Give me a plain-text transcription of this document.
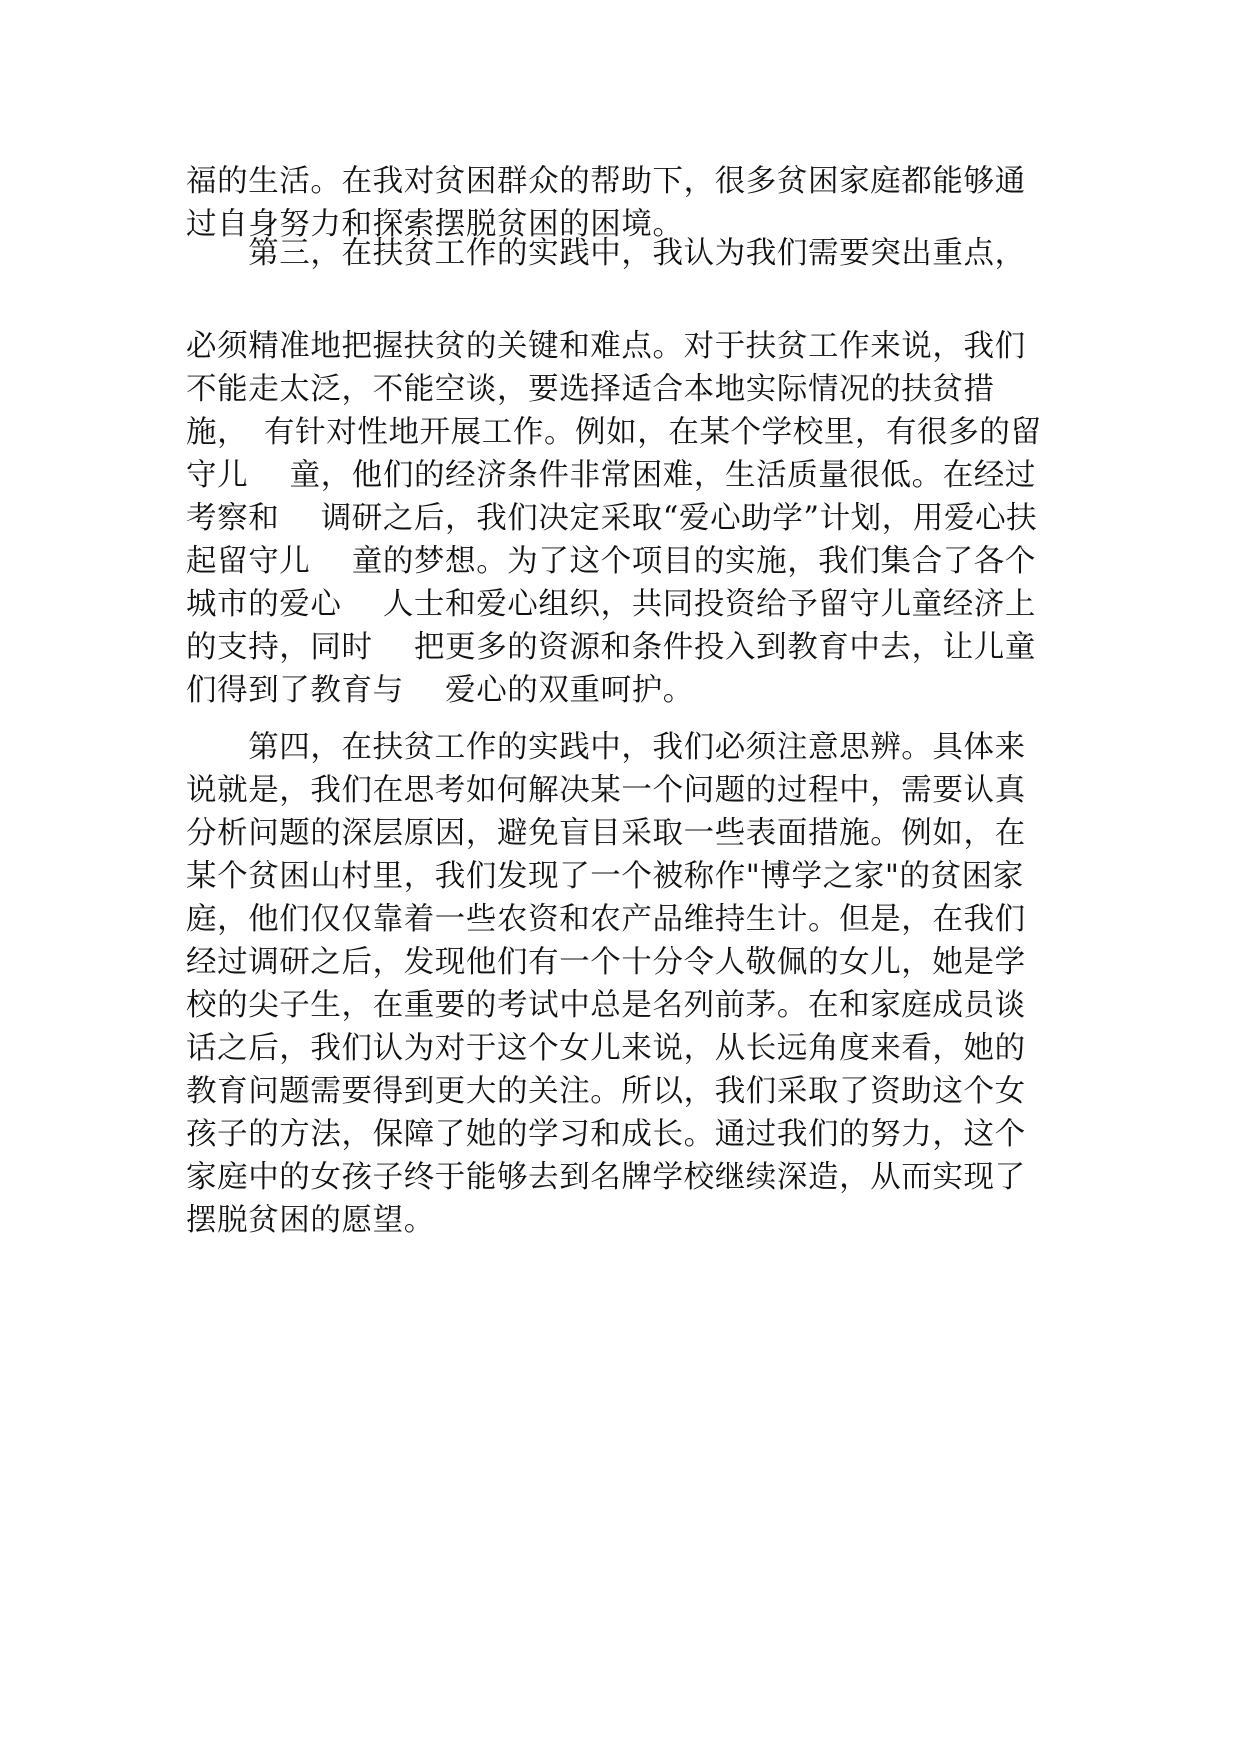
福的生活。在我对贫困群众的帮助下，很多贫困家庭都能够通
过自身努力和探索摆脱贫困的困境。
　　第三，在扶贫工作的实践中，我认为我们需要突出重点，
必须精准地把握扶贫的关键和难点。对于扶贫工作来说，我们
不能走太泛，不能空谈，要选择适合本地实际情况的扶贫措
施，　有针对性地开展工作。例如，在某个学校里，有很多的留
守儿　 童，他们的经济条件非常困难，生活质量很低。在经过
考察和　 调研之后，我们决定采取“爱心助学”计划，用爱心扶
起留守儿　 童的梦想。为了这个项目的实施，我们集合了各个
城市的爱心　 人士和爱心组织，共同投资给予留守儿童经济上
的支持，同时　 把更多的资源和条件投入到教育中去，让儿童
们得到了教育与　 爱心的双重呵护。
　　第四，在扶贫工作的实践中，我们必须注意思辨。具体来
说就是，我们在思考如何解决某一个问题的过程中，需要认真
分析问题的深层原因，避免盲目采取一些表面措施。例如，在
某个贫困山村里，我们发现了一个被称作"博学之家"的贫困家
庭，他们仅仅靠着一些农资和农产品维持生计。但是，在我们
经过调研之后，发现他们有一个十分令人敬佩的女儿，她是学
校的尖子生，在重要的考试中总是名列前茅。在和家庭成员谈
话之后，我们认为对于这个女儿来说，从长远角度来看，她的
教育问题需要得到更大的关注。所以，我们采取了资助这个女
孩子的方法，保障了她的学习和成长。通过我们的努力，这个
家庭中的女孩子终于能够去到名牌学校继续深造，从而实现了
摆脱贫困的愿望。
